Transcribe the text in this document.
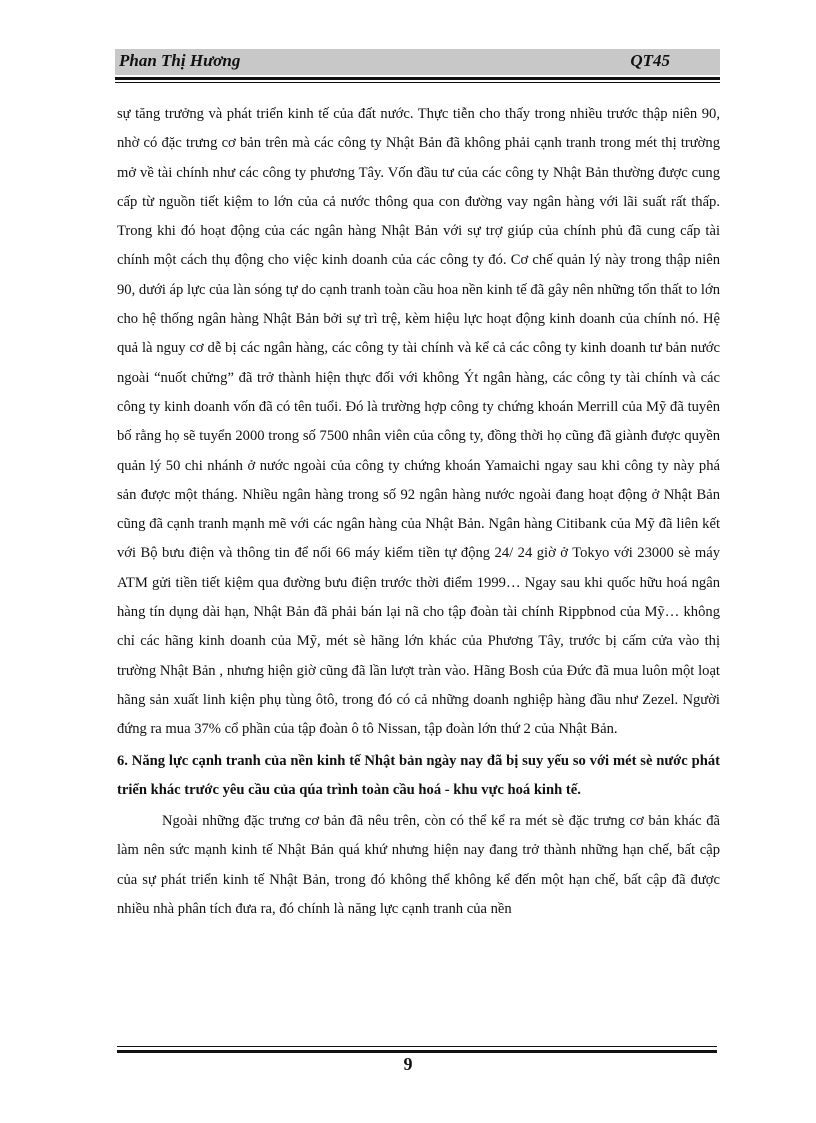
Phan Thị Hương	QT45

sự tăng trưởng và phát triển kinh tế của đất nước. Thực tiễn cho thấy trong nhiều trước thập niên 90, nhờ có đặc trưng cơ bản trên mà các công ty Nhật Bản đã không phải cạnh tranh trong mét thị trường mở về tài chính như các công ty phương Tây. Vốn đầu tư của các công ty Nhật Bản thường được cung cấp từ nguồn tiết kiệm to lớn của cả nước thông qua con đường vay ngân hàng với lãi suất rất thấp. Trong khi đó hoạt động của các ngân hàng Nhật Bản với sự trợ giúp của chính phủ đã cung cấp tài chính một cách thụ động cho việc kinh doanh của các công ty đó. Cơ chế quản lý này trong thập niên 90, dưới áp lực của làn sóng tự do cạnh tranh toàn cầu hoa nền kinh tế đã gây nên những tổn thất to lớn cho hệ thống ngân hàng Nhật Bản bởi sự trì trệ, kèm hiệu lực hoạt động kinh doanh của chính nó. Hệ quả là nguy cơ dễ bị các ngân hàng, các công ty tài chính và kể cả các công ty kinh doanh tư bản nước ngoài “nuốt chửng” đã trở thành hiện thực đối với không Ýt ngân hàng, các công ty tài chính và các công ty kinh doanh vốn đã có tên tuổi. Đó là trường hợp công ty chứng khoán Merrill của Mỹ đã tuyên bố rằng họ sẽ tuyển 2000 trong số 7500 nhân viên của công ty, đồng thời họ cũng đã giành được quyền quản lý 50 chi nhánh ở nước ngoài của công ty chứng khoán Yamaichi ngay sau khi công ty này phá sản được một tháng. Nhiều ngân hàng trong số 92 ngân hàng nước ngoài đang hoạt động ở Nhật Bản cũng đã cạnh tranh mạnh mẽ với các ngân hàng của Nhật Bản. Ngân hàng Citibank của Mỹ đã liên kết với Bộ bưu điện và thông tin để nối 66 máy kiểm tiền tự động 24/ 24 giờ ở Tokyo với 23000 sè máy ATM gửi tiền tiết kiệm qua đường bưu điện trước thời điểm 1999… Ngay sau khi quốc hữu hoá ngân hàng tín dụng dài hạn, Nhật Bản đã phải bán lại nã cho tập đoàn tài chính Rippbnod của Mỹ… không chỉ các hãng kinh doanh của Mỹ, mét sè hãng lớn khác của Phương Tây, trước bị cấm cửa vào thị trường Nhật Bản , nhưng hiện giờ cũng đã lần lượt tràn vào. Hãng Bosh của Đức đã mua luôn một loạt hãng sản xuất linh kiện phụ tùng ôtô, trong đó có cả những doanh nghiệp hàng đầu như Zezel. Người đứng ra mua 37% cổ phần của tập đoàn ô tô Nissan, tập đoàn lớn thứ 2 của Nhật Bản.

6. Năng lực cạnh tranh của nền kinh tế Nhật bản ngày nay đã bị suy yếu so với mét sè nước phát triển khác trước yêu cầu của qúa trình toàn cầu hoá - khu vực hoá kinh tế.

Ngoài những đặc trưng cơ bản đã nêu trên, còn có thể kể ra mét sè đặc trưng cơ bản khác đã làm nên sức mạnh kinh tế Nhật Bản quá khứ nhưng hiện nay đang trở thành những hạn chế, bất cập của sự phát triển kinh tế Nhật Bản, trong đó không thể không kể đến một hạn chế, bất cập đã được nhiều nhà phân tích đưa ra, đó chính là năng lực cạnh tranh của nền

9
